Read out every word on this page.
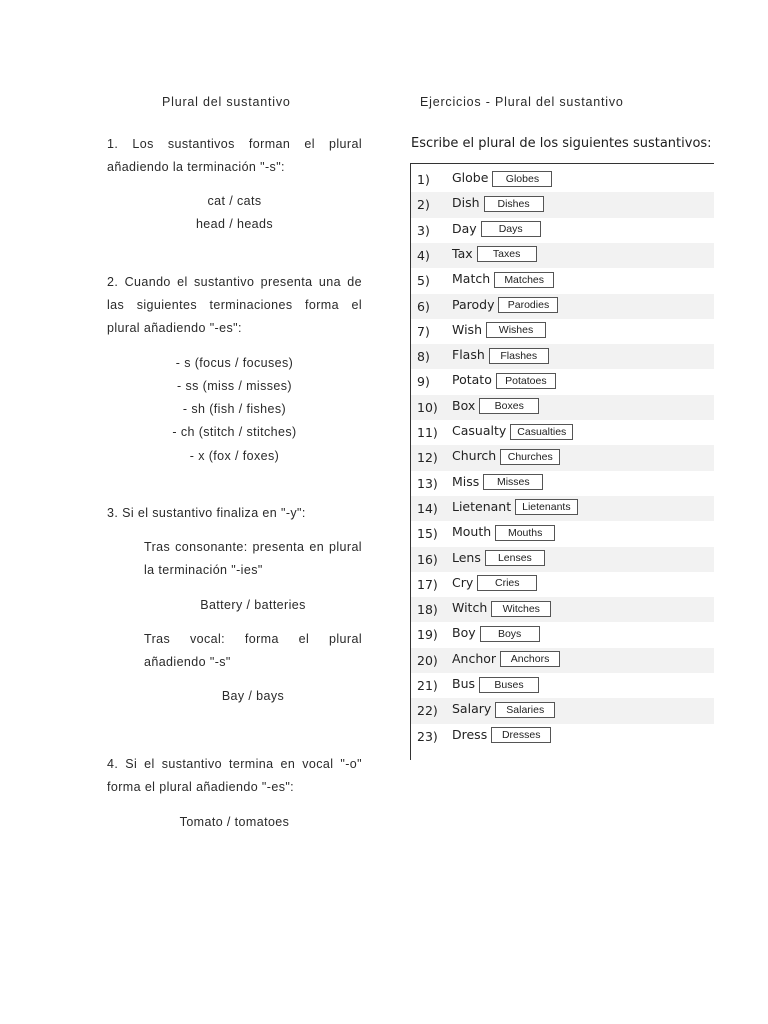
Plural del sustantivo
1. Los sustantivos forman el plural añadiendo la terminación "-s":
cat / cats
head / heads
2. Cuando el sustantivo presenta una de las siguientes terminaciones forma el plural añadiendo "-es":
- s (focus / focuses)
- ss (miss / misses)
- sh (fish / fishes)
- ch (stitch / stitches)
- x (fox / foxes)
3. Si el sustantivo finaliza en "-y":
Tras consonante: presenta en plural la terminación "-ies"
Battery / batteries
Tras vocal: forma el plural añadiendo "-s"
Bay / bays
4. Si el sustantivo termina en vocal "-o" forma el plural añadiendo "-es":
Tomato / tomatoes
Ejercicios - Plural del sustantivo
Escribe el plural de los siguientes sustantivos:
1) Globe Globes
2) Dish Dishes
3) Day Days
4) Tax Taxes
5) Match Matches
6) Parody Parodies
7) Wish Wishes
8) Flash Flashes
9) Potato Potatoes
10) Box Boxes
11) Casualty Casualties
12) Church Churches
13) Miss Misses
14) Lietenant Lietenants
15) Mouth Mouths
16) Lens Lenses
17) Cry Cries
18) Witch Witches
19) Boy Boys
20) Anchor Anchors
21) Bus Buses
22) Salary Salaries
23) Dress Dresses
